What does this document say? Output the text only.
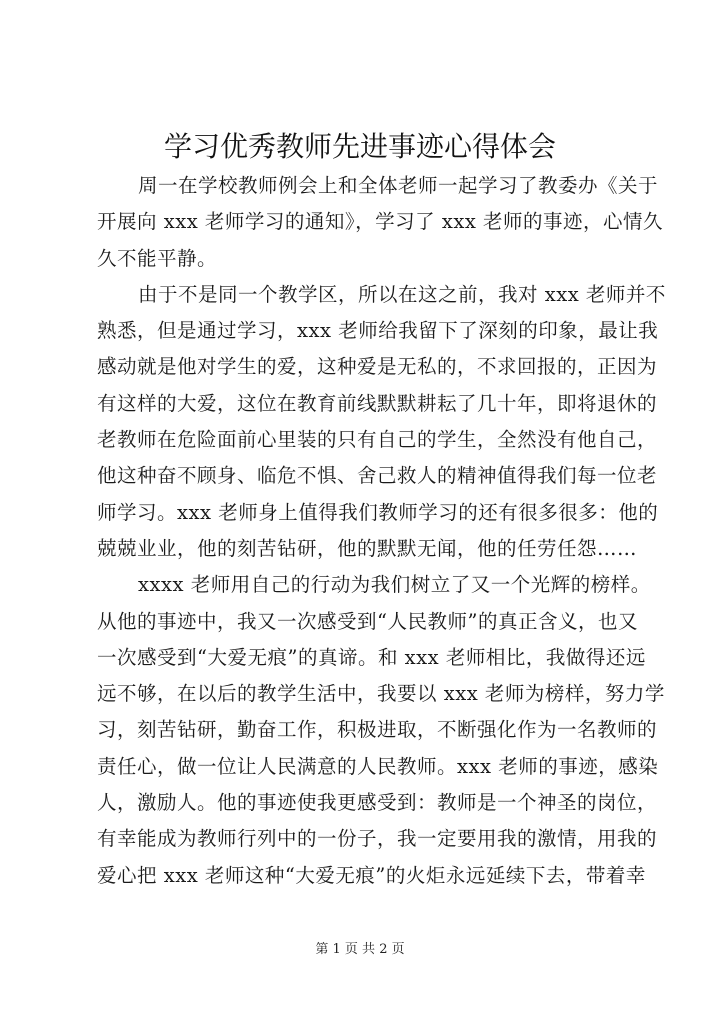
学习优秀教师先进事迹心得体会
周一在学校教师例会上和全体老师一起学习了教委办《关于
开展向 xxx 老师学习的通知》，学习了 xxx 老师的事迹，心情久
久不能平静。
由于不是同一个教学区，所以在这之前，我对 xxx 老师并不
熟悉，但是通过学习，xxx 老师给我留下了深刻的印象，最让我
感动就是他对学生的爱，这种爱是无私的，不求回报的，正因为
有这样的大爱，这位在教育前线默默耕耘了几十年，即将退休的
老教师在危险面前心里装的只有自己的学生，全然没有他自己，
他这种奋不顾身、临危不惧、舍己救人的精神值得我们每一位老
师学习。xxx 老师身上值得我们教师学习的还有很多很多：他的
兢兢业业，他的刻苦钻研，他的默默无闻，他的任劳任怨……
xxxx 老师用自己的行动为我们树立了又一个光辉的榜样。
从他的事迹中，我又一次感受到“人民教师”的真正含义，也又
一次感受到“大爱无痕”的真谛。和 xxx 老师相比，我做得还远
远不够，在以后的教学生活中，我要以 xxx 老师为榜样，努力学
习，刻苦钻研，勤奋工作，积极进取，不断强化作为一名教师的
责任心，做一位让人民满意的人民教师。xxx 老师的事迹，感染
人，激励人。他的事迹使我更感受到：教师是一个神圣的岗位，
有幸能成为教师行列中的一份子，我一定要用我的激情，用我的
爱心把 xxx 老师这种“大爱无痕”的火炬永远延续下去，带着幸
第 1 页 共 2 页
